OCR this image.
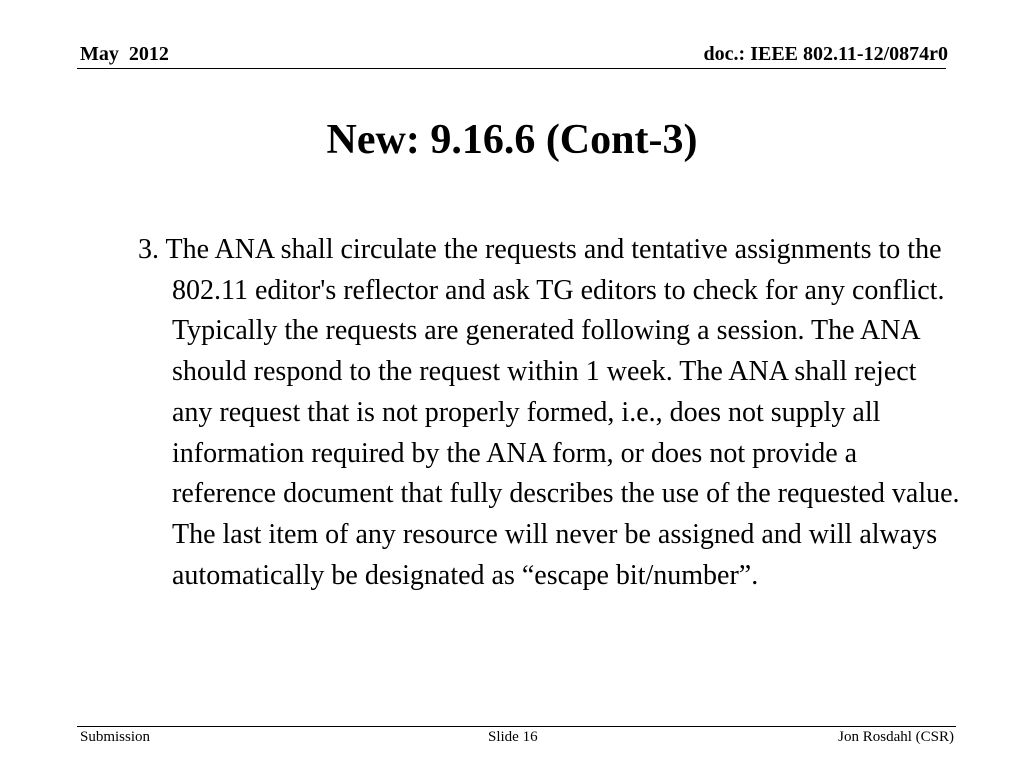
May  2012	doc.: IEEE 802.11-12/0874r0
New: 9.16.6 (Cont-3)

3. The ANA shall circulate the requests and tentative assignments to the 802.11 editor's reflector and ask TG editors to check for any conflict. Typically the requests are generated following a session. The ANA should respond to the request within 1 week. The ANA shall reject any request that is not properly formed, i.e., does not supply all information required by the ANA form, or does not provide a reference document that fully describes the use of the requested value. The last item of any resource will never be assigned and will always automatically be designated as “escape bit/number”.

Submission	Slide 16	Jon Rosdahl (CSR)
